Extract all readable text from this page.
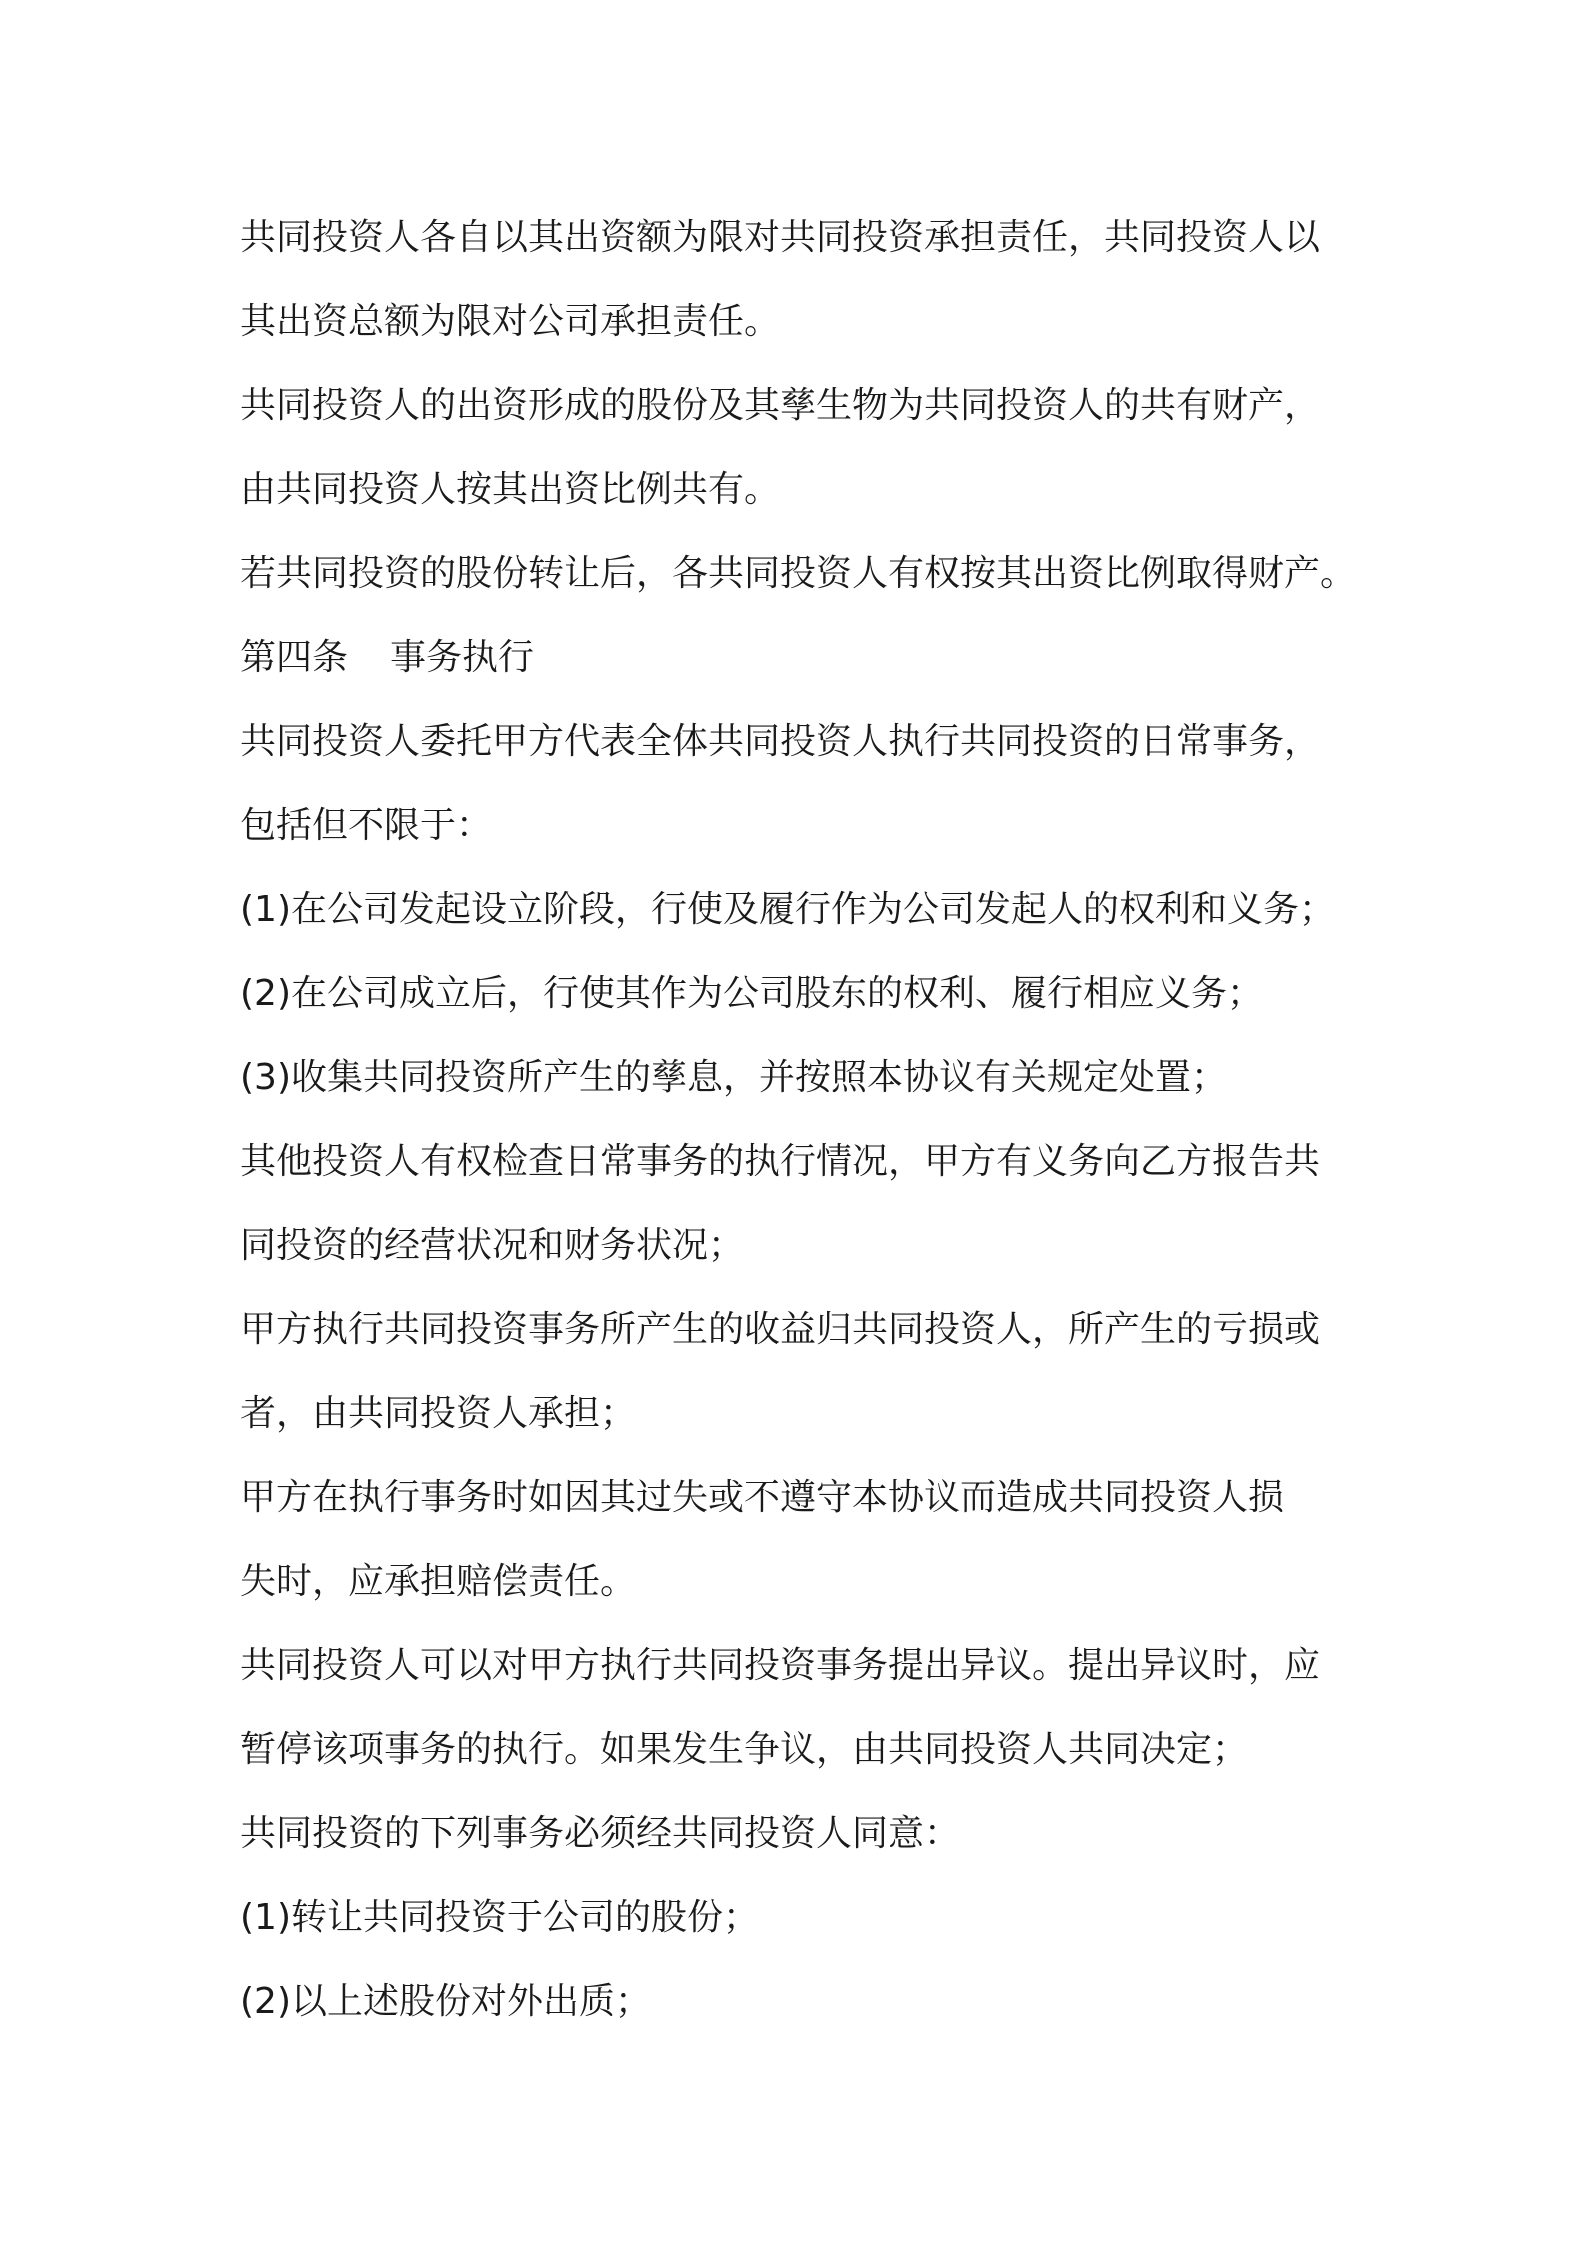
共同投资人各自以其出资额为限对共同投资承担责任，共同投资人以
其出资总额为限对公司承担责任。
共同投资人的出资形成的股份及其孳生物为共同投资人的共有财产，
由共同投资人按其出资比例共有。
若共同投资的股份转让后，各共同投资人有权按其出资比例取得财产。
第四条 事务执行
共同投资人委托甲方代表全体共同投资人执行共同投资的日常事务，
包括但不限于：
(1)在公司发起设立阶段，行使及履行作为公司发起人的权利和义务；
(2)在公司成立后，行使其作为公司股东的权利、履行相应义务；
(3)收集共同投资所产生的孳息，并按照本协议有关规定处置；
其他投资人有权检查日常事务的执行情况，甲方有义务向乙方报告共
同投资的经营状况和财务状况；
甲方执行共同投资事务所产生的收益归共同投资人，所产生的亏损或
者，由共同投资人承担；
甲方在执行事务时如因其过失或不遵守本协议而造成共同投资人损
失时，应承担赔偿责任。
共同投资人可以对甲方执行共同投资事务提出异议。提出异议时，应
暂停该项事务的执行。如果发生争议，由共同投资人共同决定；
共同投资的下列事务必须经共同投资人同意：
(1)转让共同投资于公司的股份；
(2)以上述股份对外出质；
